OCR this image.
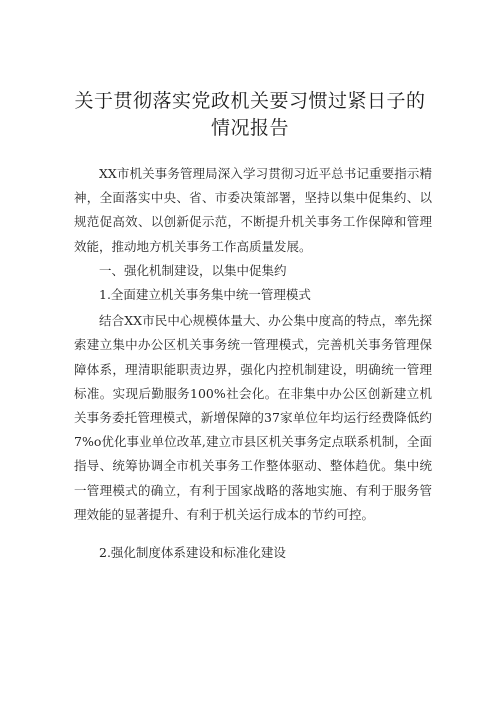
关于贯彻落实党政机关要习惯过紧日子的
情况报告

XX市机关事务管理局深入学习贯彻习近平总书记重要指示精神，全面落实中央、省、市委决策部署，坚持以集中促集约、以规范促高效、以创新促示范，不断提升机关事务工作保障和管理效能，推动地方机关事务工作高质量发展。

一、强化机制建设，以集中促集约

1.全面建立机关事务集中统一管理模式

结合XX市民中心规模体量大、办公集中度高的特点，率先探索建立集中办公区机关事务统一管理模式，完善机关事务管理保障体系，理清职能职责边界，强化内控机制建设，明确统一管理标准。实现后勤服务100%社会化。在非集中办公区创新建立机关事务委托管理模式，新增保障的37家单位年均运行经费降低约7%o优化事业单位改革,建立市县区机关事务定点联系机制，全面指导、统筹协调全市机关事务工作整体驱动、整体趋优。集中统一管理模式的确立，有利于国家战略的落地实施、有利于服务管理效能的显著提升、有利于机关运行成本的节约可控。

2.强化制度体系建设和标准化建设
